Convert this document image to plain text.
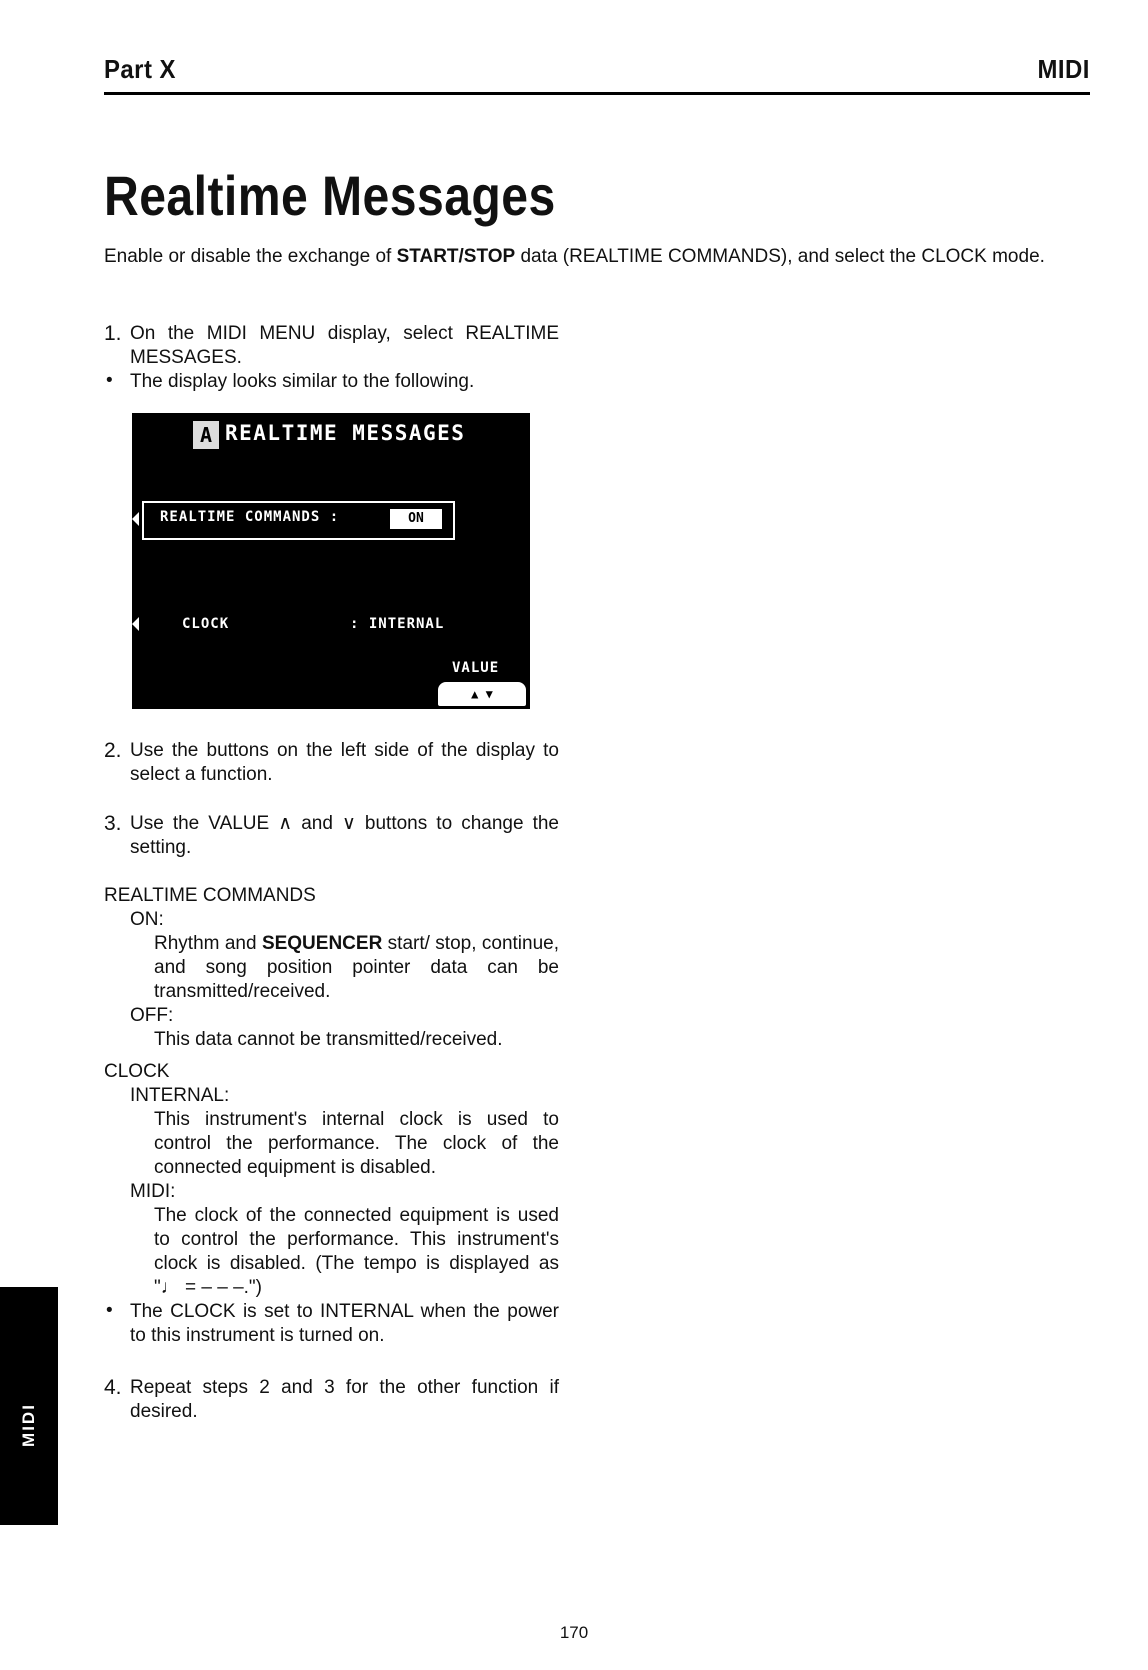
Part X	MIDI
Realtime Messages

Enable or disable the exchange of START/STOP data (REALTIME COMMANDS), and select the CLOCK mode.

1. On the MIDI MENU display, select REALTIME MESSAGES.

• The display looks similar to the following.

A REALTIME MESSAGES
REALTIME COMMANDS :	ON
CLOCK	: INTERNAL
VALUE
▲ ▼

2. Use the buttons on the left side of the display to select a function.

3. Use the VALUE ∧ and ∨ buttons to change the setting.

REALTIME COMMANDS

ON:

Rhythm and SEQUENCER start/ stop, continue, and song position pointer data can be transmitted/received.

OFF:

This data cannot be transmitted/received.

CLOCK

INTERNAL:

This instrument's internal clock is used to control the performance. The clock of the connected equipment is disabled.

MIDI:

The clock of the connected equipment is used to control the performance. This instrument's clock is disabled. (The tempo is displayed as "♩ = – – –.")

• The CLOCK is set to INTERNAL when the power to this instrument is turned on.

4. Repeat steps 2 and 3 for the other function if desired.

MIDI
170
